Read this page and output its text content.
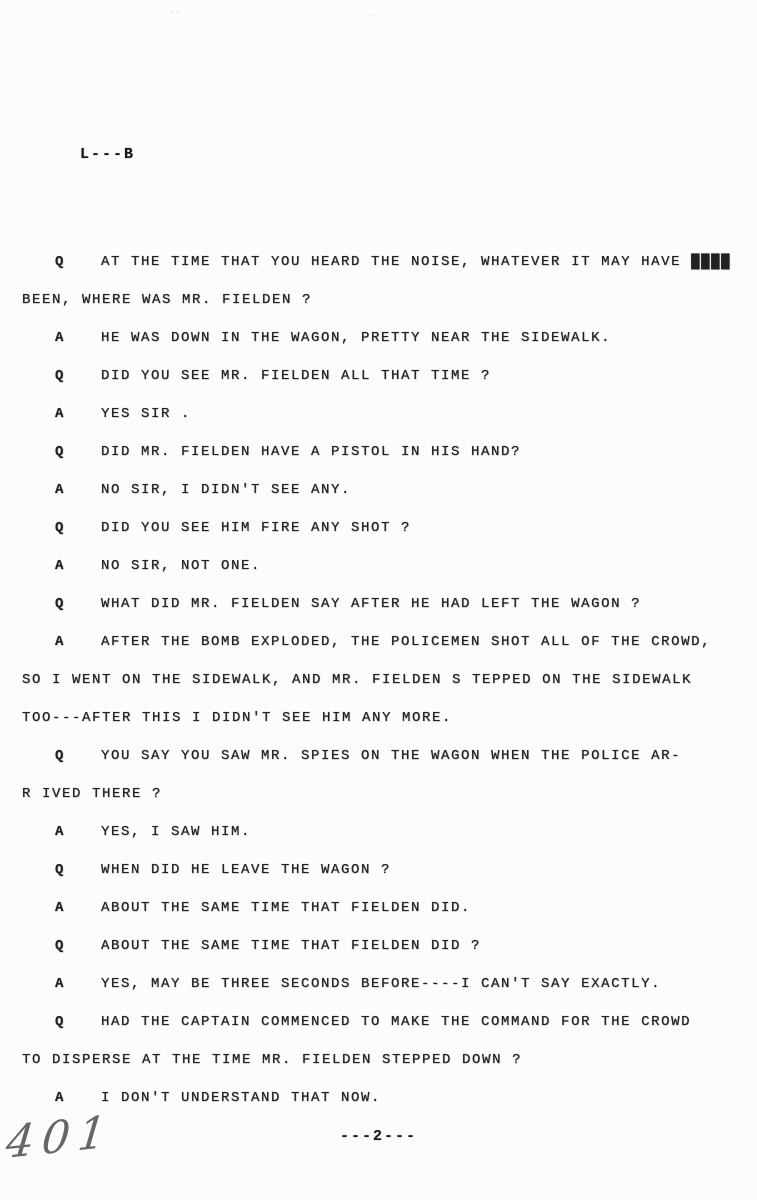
··	··
L---B
Q	AT THE TIME THAT YOU HEARD THE NOISE, WHATEVER IT MAY HAVE ████
BEEN, WHERE WAS MR. FIELDEN ?
A	HE WAS DOWN IN THE WAGON, PRETTY NEAR THE SIDEWALK.
Q	DID YOU SEE MR. FIELDEN ALL THAT TIME ?
A	YES SIR .
Q	DID MR. FIELDEN HAVE A PISTOL IN HIS HAND?
A	NO SIR, I DIDN'T SEE ANY.
Q	DID YOU SEE HIM FIRE ANY SHOT ?
A	NO SIR, NOT ONE.
Q	WHAT DID MR. FIELDEN SAY AFTER HE HAD LEFT THE WAGON ?
A	AFTER THE BOMB EXPLODED, THE POLICEMEN SHOT ALL OF THE CROWD,
SO I WENT ON THE SIDEWALK, AND MR. FIELDEN S TEPPED ON THE SIDEWALK
TOO---AFTER THIS I DIDN'T SEE HIM ANY MORE.
Q	YOU SAY YOU SAW MR. SPIES ON THE WAGON WHEN THE POLICE AR-
R IVED THERE ?
A	YES, I SAW HIM.
Q	WHEN DID HE LEAVE THE WAGON ?
A	ABOUT THE SAME TIME THAT FIELDEN DID.
Q	ABOUT THE SAME TIME THAT FIELDEN DID ?
A	YES, MAY BE THREE SECONDS BEFORE----I CAN'T SAY EXACTLY.
Q	HAD THE CAPTAIN COMMENCED TO MAKE THE COMMAND FOR THE CROWD
TO DISPERSE AT THE TIME MR. FIELDEN STEPPED DOWN ?
A	I DON'T UNDERSTAND THAT NOW.
---2---
401
